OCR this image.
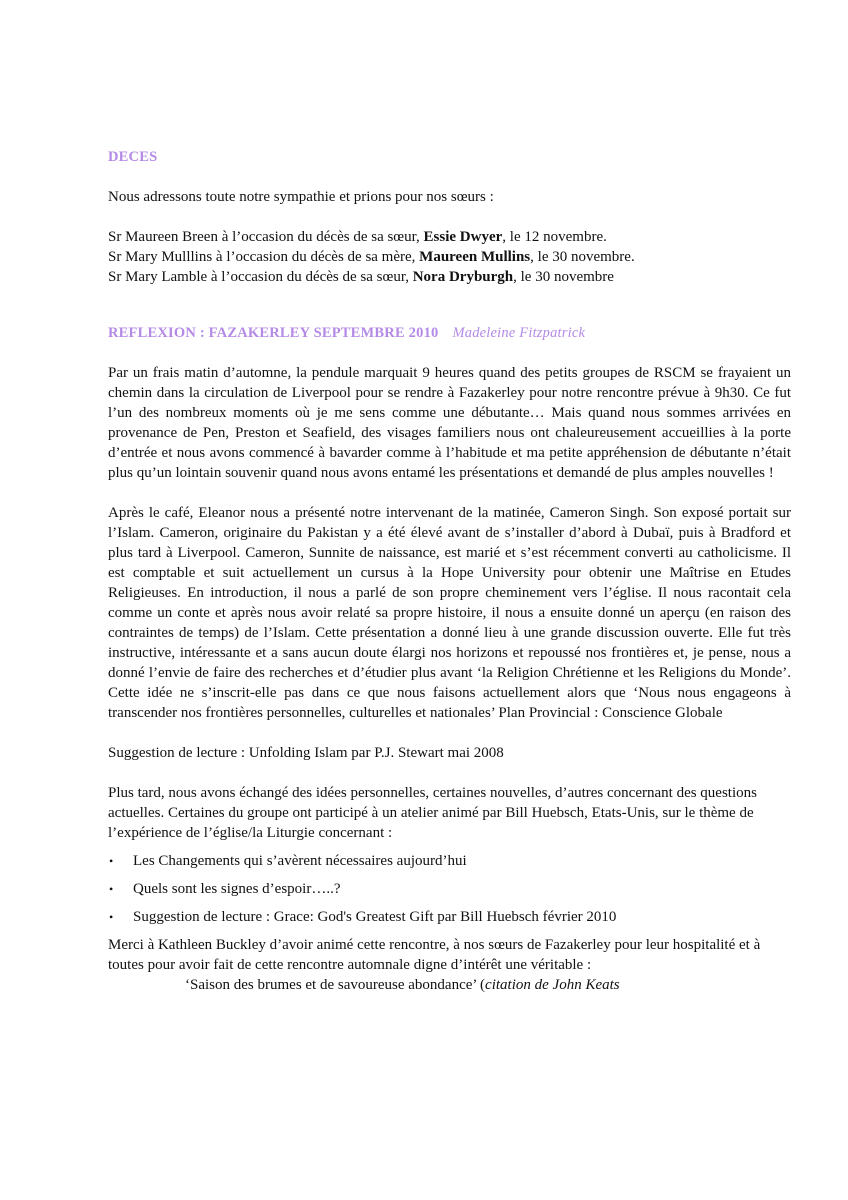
DECES

Nous adressons toute notre sympathie et prions pour nos sœurs :

Sr Maureen Breen à l’occasion du décès de sa sœur, Essie Dwyer, le 12 novembre.

Sr Mary Mulllins à l’occasion du décès de sa mère, Maureen Mullins, le 30 novembre.

Sr Mary Lamble à l’occasion du décès de sa sœur, Nora Dryburgh, le 30 novembre

REFLEXION : FAZAKERLEY SEPTEMBRE 2010 Madeleine Fitzpatrick

Par un frais matin d’automne, la pendule marquait 9 heures quand des petits groupes de RSCM se frayaient un chemin dans la circulation de Liverpool pour se rendre à Fazakerley pour notre rencontre prévue à 9h30. Ce fut l’un des nombreux moments où je me sens comme une débutante… Mais quand nous sommes arrivées en provenance de Pen, Preston et Seafield, des visages familiers nous ont chaleureusement accueillies à la porte d’entrée et nous avons commencé à bavarder comme à l’habitude et ma petite appréhension de débutante n’était plus qu’un lointain souvenir quand nous avons entamé les présentations et demandé de plus amples nouvelles !

Après le café, Eleanor nous a présenté notre intervenant de la matinée, Cameron Singh. Son exposé portait sur l’Islam. Cameron, originaire du Pakistan y a été élevé avant de s’installer d’abord à Dubaï, puis à Bradford et plus tard à Liverpool. Cameron, Sunnite de naissance, est marié et s’est récemment converti au catholicisme. Il est comptable et suit actuellement un cursus à la Hope University pour obtenir une Maîtrise en Etudes Religieuses. En introduction, il nous a parlé de son propre cheminement vers l’église. Il nous racontait cela comme un conte et après nous avoir relaté sa propre histoire, il nous a ensuite donné un aperçu (en raison des contraintes de temps) de l’Islam. Cette présentation a donné lieu à une grande discussion ouverte. Elle fut très instructive, intéressante et a sans aucun doute élargi nos horizons et repoussé nos frontières et, je pense, nous a donné l’envie de faire des recherches et d’étudier plus avant ‘la Religion Chrétienne et les Religions du Monde’. Cette idée ne s’inscrit-elle pas dans ce que nous faisons actuellement alors que ‘Nous nous engageons à transcender nos frontières personnelles, culturelles et nationales’ Plan Provincial : Conscience Globale

Suggestion de lecture : Unfolding Islam par P.J. Stewart mai 2008

Plus tard, nous avons échangé des idées personnelles, certaines nouvelles, d’autres concernant des questions actuelles. Certaines du groupe ont participé à un atelier animé par Bill Huebsch, Etats-Unis, sur le thème de l’expérience de l’église/la Liturgie concernant :

• Les Changements qui s’avèrent nécessaires aujourd’hui
• Quels sont les signes d’espoir…..?
• Suggestion de lecture : Grace: God's Greatest Gift par Bill Huebsch février 2010

Merci à Kathleen Buckley d’avoir animé cette rencontre, à nos sœurs de Fazakerley pour leur hospitalité et à toutes pour avoir fait de cette rencontre automnale digne d’intérêt une véritable :

‘Saison des brumes et de savoureuse abondance’ (citation de John Keats
